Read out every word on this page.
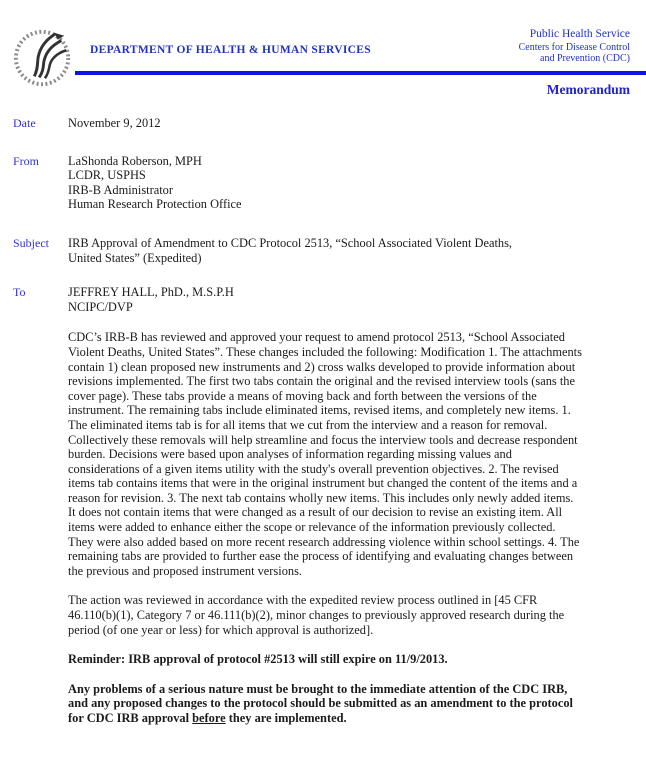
DEPARTMENT OF HEALTH & HUMAN SERVICES
Public Health Service
Centers for Disease Control
and Prevention (CDC)
Memorandum
Date	November 9, 2012
From	LaShonda Roberson, MPH
LCDR, USPHS
IRB-B Administrator
Human Research Protection Office
Subject	IRB Approval of Amendment to CDC Protocol 2513, “School Associated Violent Deaths, United States” (Expedited)
To	JEFFREY HALL, PhD., M.S.P.H
NCIPC/DVP

CDC’s IRB-B has reviewed and approved your request to amend protocol 2513, “School Associated Violent Deaths, United States”. These changes included the following: Modification 1. The attachments contain 1) clean proposed new instruments and 2) cross walks developed to provide information about revisions implemented. The first two tabs contain the original and the revised interview tools (sans the cover page). These tabs provide a means of moving back and forth between the versions of the instrument. The remaining tabs include eliminated items, revised items, and completely new items. 1. The eliminated items tab is for all items that we cut from the interview and a reason for removal. Collectively these removals will help streamline and focus the interview tools and decrease respondent burden. Decisions were based upon analyses of information regarding missing values and considerations of a given items utility with the study's overall prevention objectives. 2. The revised items tab contains items that were in the original instrument but changed the content of the items and a reason for revision. 3. The next tab contains wholly new items. This includes only newly added items. It does not contain items that were changed as a result of our decision to revise an existing item. All items were added to enhance either the scope or relevance of the information previously collected. They were also added based on more recent research addressing violence within school settings. 4. The remaining tabs are provided to further ease the process of identifying and evaluating changes between the previous and proposed instrument versions.

The action was reviewed in accordance with the expedited review process outlined in [45 CFR 46.110(b)(1), Category 7 or 46.111(b)(2), minor changes to previously approved research during the period (of one year or less) for which approval is authorized].

Reminder: IRB approval of protocol #2513 will still expire on 11/9/2013.

Any problems of a serious nature must be brought to the immediate attention of the CDC IRB, and any proposed changes to the protocol should be submitted as an amendment to the protocol for CDC IRB approval before they are implemented.
